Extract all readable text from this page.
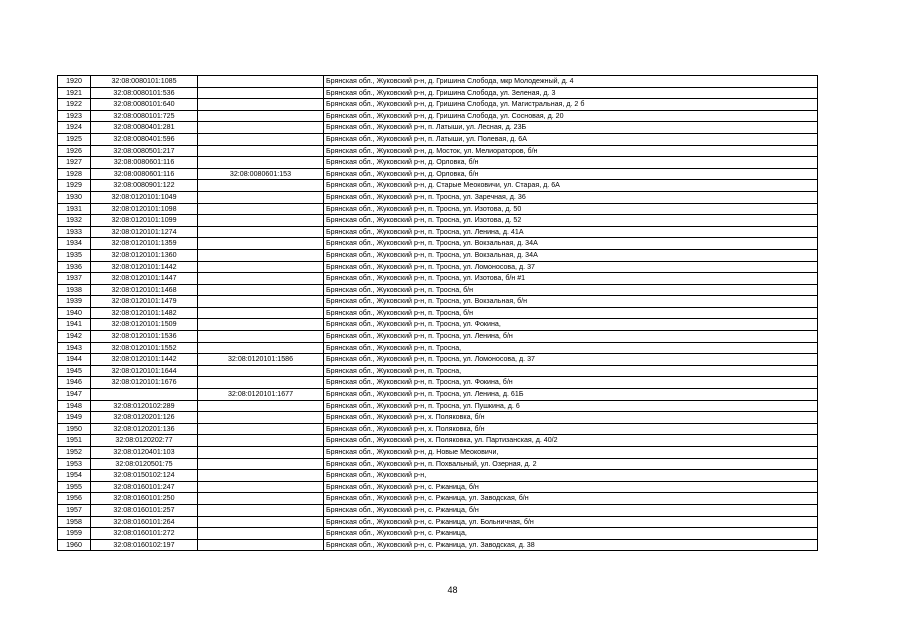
1920	32:08:0080101:1085		Брянская обл., Жуковский р-н, д. Гришина Слобода, мкр Молодежный, д. 4
1921	32:08:0080101:536		Брянская обл., Жуковский р-н, д. Гришина Слобода, ул. Зеленая, д. 3
1922	32:08:0080101:640		Брянская обл., Жуковский р-н, д. Гришина Слобода, ул. Магистральная, д. 2 б
1923	32:08:0080101:725		Брянская обл., Жуковский р-н, д. Гришина Слобода, ул. Сосновая, д. 20
1924	32:08:0080401:281		Брянская обл., Жуковский р-н, п. Латыши, ул. Лесная, д. 23Б
1925	32:08:0080401:596		Брянская обл., Жуковский р-н, п. Латыши, ул. Полевая, д. 6А
1926	32:08:0080501:217		Брянская обл., Жуковский р-н, д. Мосток, ул. Мелиораторов, б/н
1927	32:08:0080601:116		Брянская обл., Жуковский р-н, д. Орловка, б/н
1928	32:08:0080601:116	32:08:0080601:153	Брянская обл., Жуковский р-н, д. Орловка, б/н
1929	32:08:0080901:122		Брянская обл., Жуковский р-н, д. Старые Меоковичи, ул. Старая, д. 6А
1930	32:08:0120101:1049		Брянская обл., Жуковский р-н, п. Тросна, ул. Заречная, д. 36
1931	32:08:0120101:1098		Брянская обл., Жуковский р-н, п. Тросна, ул. Изотова, д. 50
1932	32:08:0120101:1099		Брянская обл., Жуковский р-н, п. Тросна, ул. Изотова, д. 52
1933	32:08:0120101:1274		Брянская обл., Жуковский р-н, п. Тросна, ул. Ленина, д. 41А
1934	32:08:0120101:1359		Брянская обл., Жуковский р-н, п. Тросна, ул. Вокзальная, д. 34А
1935	32:08:0120101:1360		Брянская обл., Жуковский р-н, п. Тросна, ул. Вокзальная, д. 34А
1936	32:08:0120101:1442		Брянская обл., Жуковский р-н, п. Тросна, ул. Ломоносова, д. 37
1937	32:08:0120101:1447		Брянская обл., Жуковский р-н, п. Тросна, ул. Изотова, б/н #1
1938	32:08:0120101:1468		Брянская обл., Жуковский р-н, п. Тросна, б/н
1939	32:08:0120101:1479		Брянская обл., Жуковский р-н, п. Тросна, ул. Вокзальная, б/н
1940	32:08:0120101:1482		Брянская обл., Жуковский р-н, п. Тросна, б/н
1941	32:08:0120101:1509		Брянская обл., Жуковский р-н, п. Тросна, ул. Фокина,
1942	32:08:0120101:1536		Брянская обл., Жуковский р-н, п. Тросна, ул. Ленина, б/н
1943	32:08:0120101:1552		Брянская обл., Жуковский р-н, п. Тросна,
1944	32:08:0120101:1442	32:08:0120101:1586	Брянская обл., Жуковский р-н, п. Тросна, ул. Ломоносова, д. 37
1945	32:08:0120101:1644		Брянская обл., Жуковский р-н, п. Тросна,
1946	32:08:0120101:1676		Брянская обл., Жуковский р-н, п. Тросна, ул. Фокина, б/н
1947		32:08:0120101:1677	Брянская обл., Жуковский р-н, п. Тросна, ул. Ленина, д. 61Б
1948	32:08:0120102:289		Брянская обл., Жуковский р-н, п. Тросна, ул. Пушкина, д. 6
1949	32:08:0120201:126		Брянская обл., Жуковский р-н, х. Поляковка, б/н
1950	32:08:0120201:136		Брянская обл., Жуковский р-н, х. Поляковка, б/н
1951	32:08:0120202:77		Брянская обл., Жуковский р-н, х. Поляковка, ул. Партизанская, д. 40/2
1952	32:08:0120401:103		Брянская обл., Жуковский р-н, д. Новые Меоковичи,
1953	32:08:0120501:75		Брянская обл., Жуковский р-н, п. Похвальный, ул. Озерная, д. 2
1954	32:08:0150102:124		Брянская обл., Жуковский р-н,
1955	32:08:0160101:247		Брянская обл., Жуковский р-н, с. Ржаница, б/н
1956	32:08:0160101:250		Брянская обл., Жуковский р-н, с. Ржаница, ул. Заводская, б/н
1957	32:08:0160101:257		Брянская обл., Жуковский р-н, с. Ржаница, б/н
1958	32:08:0160101:264		Брянская обл., Жуковский р-н, с. Ржаница, ул. Больничная, б/н
1959	32:08:0160101:272		Брянская обл., Жуковский р-н, с. Ржаница,
1960	32:08:0160102:197		Брянская обл., Жуковский р-н, с. Ржаница, ул. Заводская, д. 38
48
